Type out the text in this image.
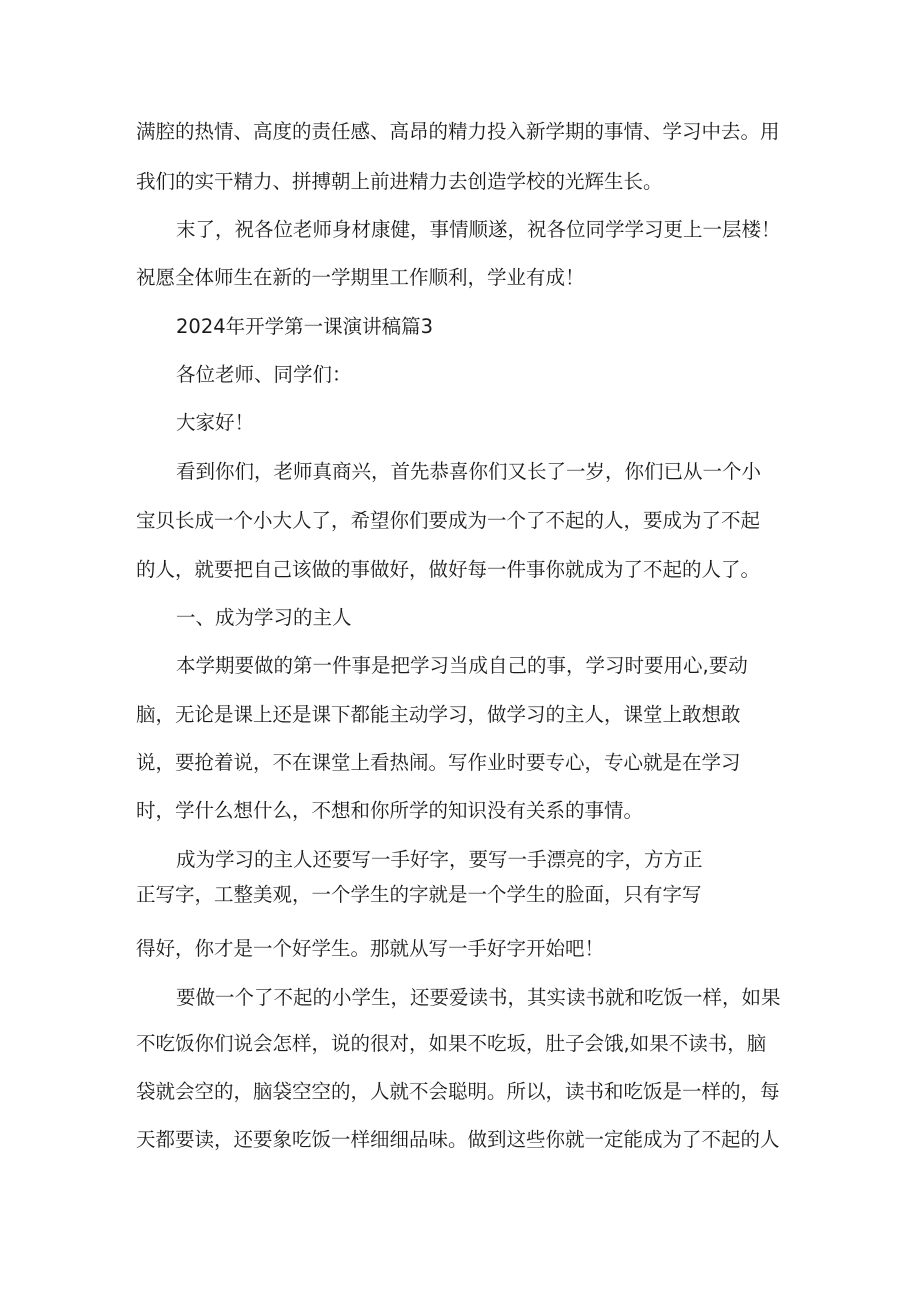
满腔的热情、高度的责任感、高昂的精力投入新学期的事情、学习中去。用

我们的实干精力、拼搏朝上前进精力去创造学校的光辉生长。

末了，祝各位老师身材康健，事情顺遂，祝各位同学学习更上一层楼！

祝愿全体师生在新的一学期里工作顺利，学业有成！

2024年开学第一课演讲稿篇3

各位老师、同学们：

大家好！

看到你们，老师真商兴，首先恭喜你们又长了一岁，你们已从一个小

宝贝长成一个小大人了，希望你们要成为一个了不起的人，要成为了不起

的人，就要把自己该做的事做好，做好每一件事你就成为了不起的人了。

一、成为学习的主人

本学期要做的第一件事是把学习当成自己的事，学习时要用心,要动

脑，无论是课上还是课下都能主动学习，做学习的主人，课堂上敢想敢

说，要抢着说，不在课堂上看热闹。写作业时要专心，专心就是在学习

时，学什么想什么，不想和你所学的知识没有关系的事情。

成为学习的主人还要写一手好字，要写一手漂亮的字，方方正

正写字，工整美观，一个学生的字就是一个学生的脸面，只有字写

得好，你才是一个好学生。那就从写一手好字开始吧！

要做一个了不起的小学生，还要爱读书，其实读书就和吃饭一样，如果

不吃饭你们说会怎样，说的很对，如果不吃坂，肚子会饿,如果不读书，脑

袋就会空的，脑袋空空的，人就不会聪明。所以，读书和吃饭是一样的，每

天都要读，还要象吃饭一样细细品味。做到这些你就一定能成为了不起的人
